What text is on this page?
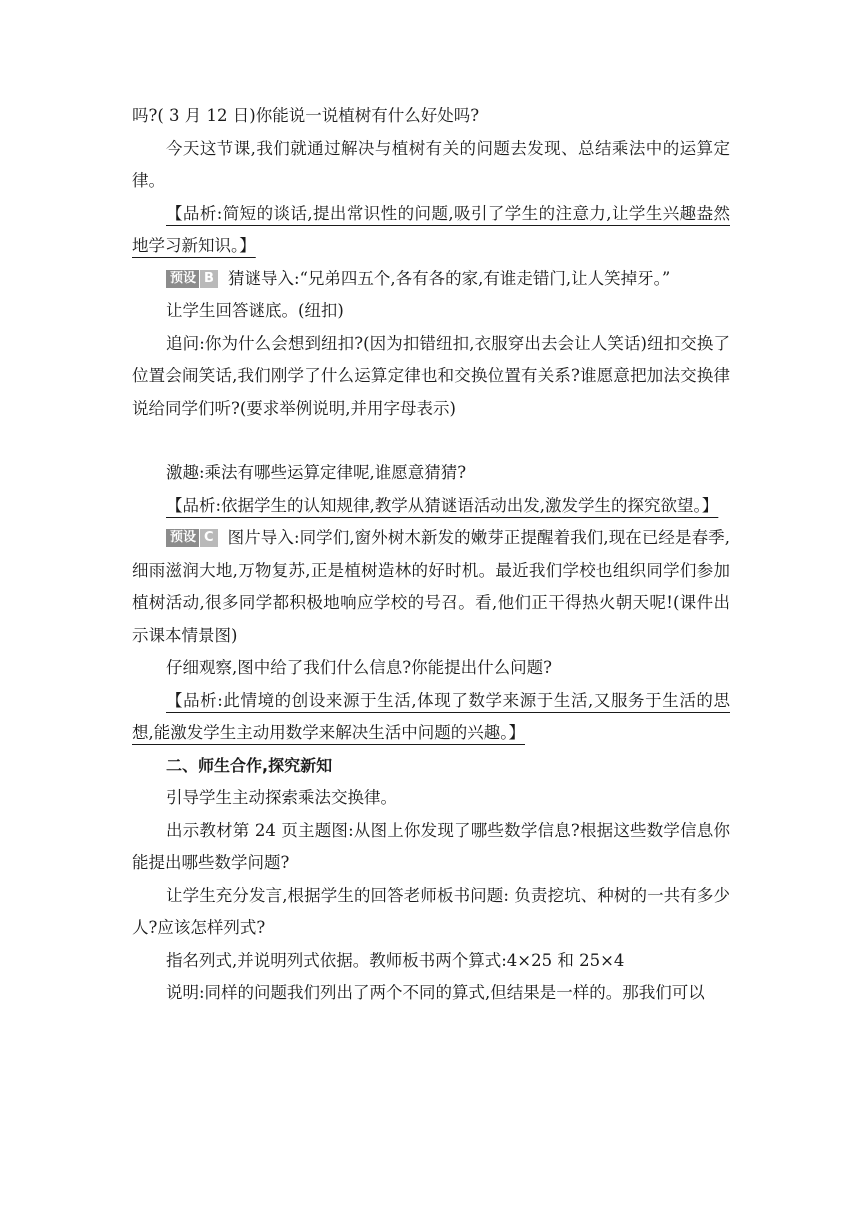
吗?( 3 月 12 日)你能说一说植树有什么好处吗?

今天这节课,我们就通过解决与植树有关的问题去发现、总结乘法中的运算定律。

【品析:简短的谈话,提出常识性的问题,吸引了学生的注意力,让学生兴趣盎然地学习新知识。】

预设 B 猜谜导入:“兄弟四五个,各有各的家,有谁走错门,让人笑掉牙。”

让学生回答谜底。(纽扣)

追问:你为什么会想到纽扣?(因为扣错纽扣,衣服穿出去会让人笑话)纽扣交换了位置会闹笑话,我们刚学了什么运算定律也和交换位置有关系?谁愿意把加法交换律说给同学们听?(要求举例说明,并用字母表示)

激趣:乘法有哪些运算定律呢,谁愿意猜猜?

【品析:依据学生的认知规律,教学从猜谜语活动出发,激发学生的探究欲望。】

预设 C 图片导入:同学们,窗外树木新发的嫩芽正提醒着我们,现在已经是春季,细雨滋润大地,万物复苏,正是植树造林的好时机。最近我们学校也组织同学们参加植树活动,很多同学都积极地响应学校的号召。看,他们正干得热火朝天呢!(课件出示课本情景图)

仔细观察,图中给了我们什么信息?你能提出什么问题?

【品析:此情境的创设来源于生活,体现了数学来源于生活,又服务于生活的思想,能激发学生主动用数学来解决生活中问题的兴趣。】

二、师生合作,探究新知

引导学生主动探索乘法交换律。

出示教材第 24 页主题图:从图上你发现了哪些数学信息?根据这些数学信息你能提出哪些数学问题?

让学生充分发言,根据学生的回答老师板书问题: 负责挖坑、种树的一共有多少人?应该怎样列式?

指名列式,并说明列式依据。教师板书两个算式:4×25 和 25×4

说明:同样的问题我们列出了两个不同的算式,但结果是一样的。那我们可以
